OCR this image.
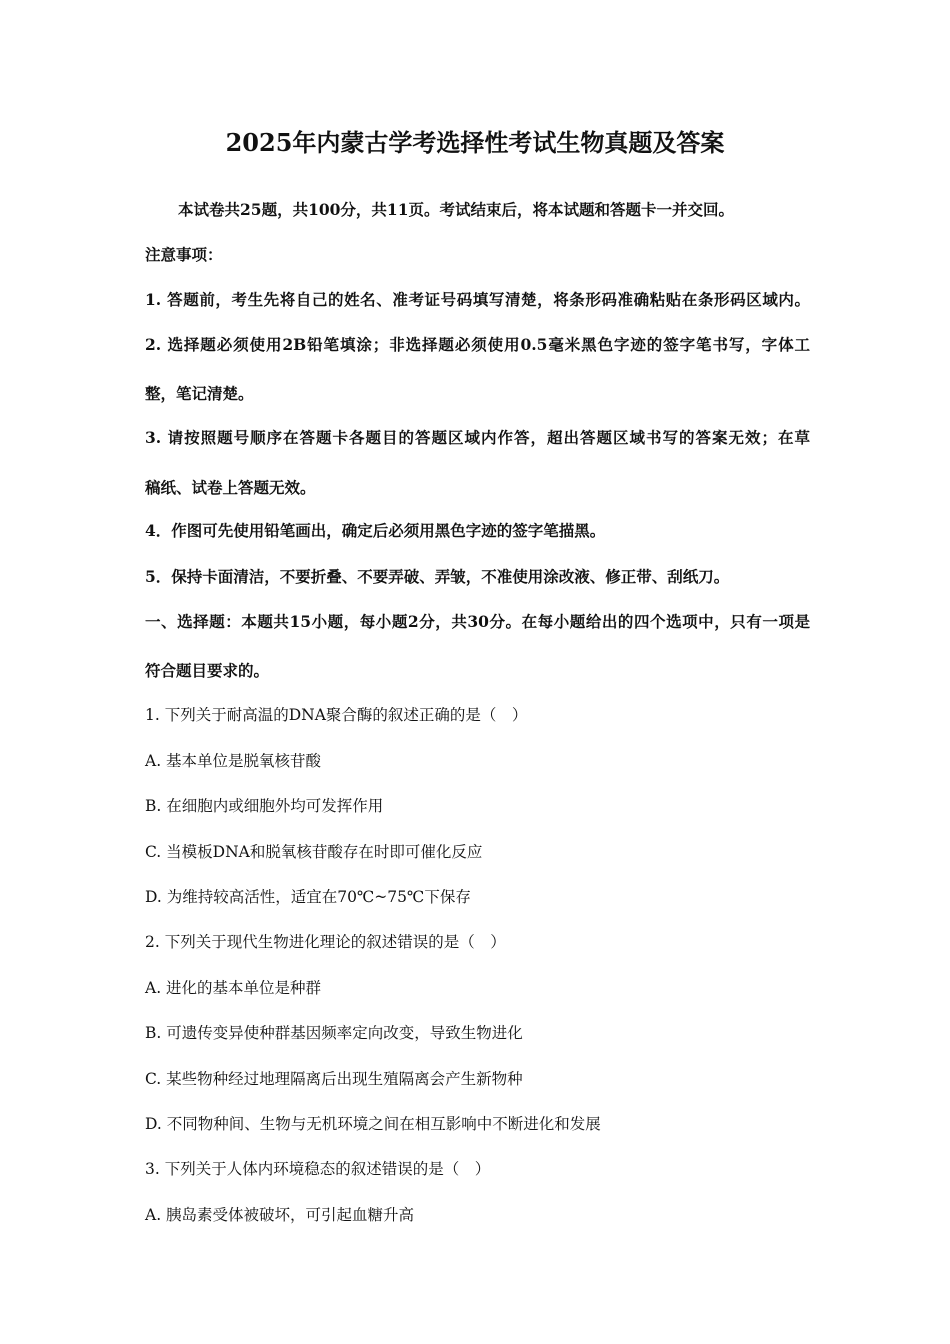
2025年内蒙古学考选择性考试生物真题及答案
本试卷共25题，共100分，共11页。考试结束后，将本试题和答题卡一并交回。
注意事项：
1. 答题前，考生先将自己的姓名、准考证号码填写清楚，将条形码准确粘贴在条形码区域内。
2. 选择题必须使用2B铅笔填涂；非选择题必须使用0.5毫米黑色字迹的签字笔书写，字体工
整，笔记清楚。
3. 请按照题号顺序在答题卡各题目的答题区域内作答，超出答题区域书写的答案无效；在草
稿纸、试卷上答题无效。
4．作图可先使用铅笔画出，确定后必须用黑色字迹的签字笔描黑。
5．保持卡面清洁，不要折叠、不要弄破、弄皱，不准使用涂改液、修正带、刮纸刀。
一、选择题：本题共15小题，每小题2分，共30分。在每小题给出的四个选项中，只有一项是
符合题目要求的。
1. 下列关于耐高温的DNA聚合酶的叙述正确的是（　）
A. 基本单位是脱氧核苷酸
B. 在细胞内或细胞外均可发挥作用
C. 当模板DNA和脱氧核苷酸存在时即可催化反应
D. 为维持较高活性，适宜在70℃~75℃下保存
2. 下列关于现代生物进化理论的叙述错误的是（　）
A. 进化的基本单位是种群
B. 可遗传变异使种群基因频率定向改变，导致生物进化
C. 某些物种经过地理隔离后出现生殖隔离会产生新物种
D. 不同物种间、生物与无机环境之间在相互影响中不断进化和发展
3. 下列关于人体内环境稳态的叙述错误的是（　）
A. 胰岛素受体被破坏，可引起血糖升高
